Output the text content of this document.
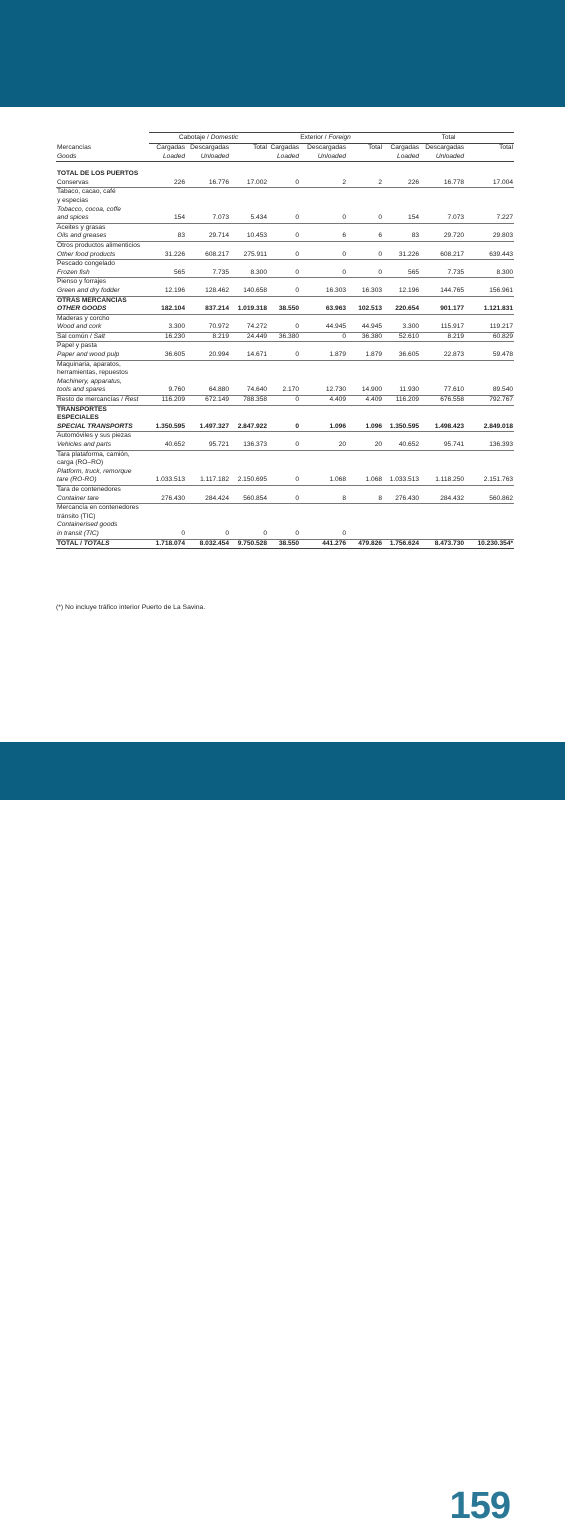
	Cabotaje / Domestic			Exterior / Foreign			Total		
Mercancías	Cargadas	Descargadas	Total	Cargadas	Descargadas	Total	Cargadas	Descargadas	Total
Goods	Loaded	Unloaded		Loaded	Unloaded		Loaded	Unloaded	

TOTAL DE LOS PUERTOS									
Conservas	226	16.776	17.002	0	2	2	226	16.778	17.004
Tabaco, cacao, café									
y especias									
Tobacco, cocoa, coffe									
and spices	154	7.073	5.434	0	0	0	154	7.073	7.227
Aceites y grasas									
Oils and greases	83	29.714	10.453	0	6	6	83	29.720	29.803
Otros productos alimenticios									
Other food products	31.226	608.217	275.911	0	0	0	31.226	608.217	639.443
Pescado congelado									
Frozen fish	565	7.735	8.300	0	0	0	565	7.735	8.300
Pienso y forrajes									
Green and dry fodder	12.196	128.462	140.658	0	16.303	16.303	12.196	144.765	156.961
OTRAS MERCANCÍAS									
OTHER GOODS	182.104	837.214	1.019.318	38.550	63.963	102.513	220.654	901.177	1.121.831
Maderas y corcho									
Wood and cork	3.300	70.972	74.272	0	44.945	44.945	3.300	115.917	119.217
Sal común / Salt	16.230	8.219	24.449	36.380	0	36.380	52.610	8.219	60.829
Papel y pasta									
Paper and wood pulp	36.605	20.994	14.671	0	1.879	1.879	36.605	22.873	59.478
Maquinaria, aparatos,									
herramientas, repuestos									
Machinery, apparatus,									
tools and spares	9.760	64.880	74.640	2.170	12.730	14.900	11.930	77.610	89.540
Resto de mercancías / Rest	116.209	672.149	788.358	0	4.409	4.409	116.209	676.558	792.767
TRANSPORTES									
ESPECIALES									
SPECIAL TRANSPORTS	1.350.595	1.497.327	2.847.922	0	1.096	1.096	1.350.595	1.498.423	2.849.018
Automóviles y sus piezas									
Vehicles and parts	40.652	95.721	136.373	0	20	20	40.652	95.741	136.393
Tara plataforma, camión,									
carga (RO–RO)									
Platform, truck, remorque									
tare (RO-RO)	1.033.513	1.117.182	2.150.695	0	1.068	1.068	1.033.513	1.118.250	2.151.763
Tara de contenedores									
Container tare	276.430	284.424	560.854	0	8	8	276.430	284.432	560.862
Mercancía en contenedores									
tránsito (TIC)									
Containerised goods									
in transit (TIC)	0	0	0	0	0				
TOTAL / TOTALS	1.718.074	8.032.454	9.750.528	38.550	441.276	479.826	1.756.624	8.473.730	10.230.354*
(*) No incluye tráfico interior Puerto de La Savina.
159
